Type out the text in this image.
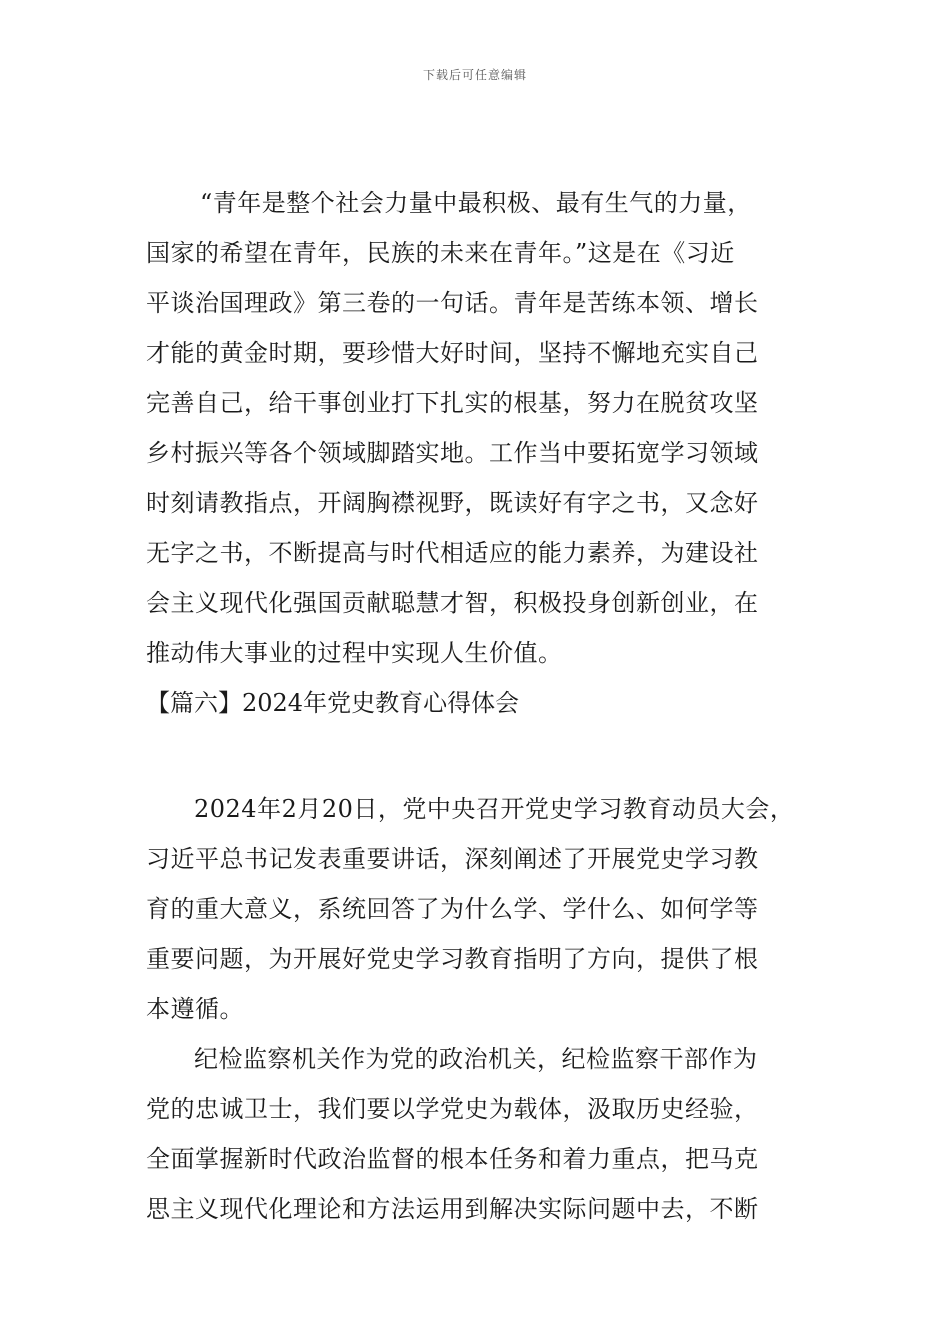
下载后可任意编辑
“青年是整个社会力量中最积极、最有生气的力量，
国家的希望在青年，民族的未来在青年。”这是在《习近
平谈治国理政》第三卷的一句话。青年是苦练本领、增长
才能的黄金时期，要珍惜大好时间，坚持不懈地充实自己
完善自己，给干事创业打下扎实的根基，努力在脱贫攻坚
乡村振兴等各个领域脚踏实地。工作当中要拓宽学习领域
时刻请教指点，开阔胸襟视野，既读好有字之书，又念好
无字之书，不断提高与时代相适应的能力素养，为建设社
会主义现代化强国贡献聪慧才智，积极投身创新创业，在
推动伟大事业的过程中实现人生价值。
【篇六】2024年党史教育心得体会
2024年2月20日，党中央召开党史学习教育动员大会，
习近平总书记发表重要讲话，深刻阐述了开展党史学习教
育的重大意义，系统回答了为什么学、学什么、如何学等
重要问题，为开展好党史学习教育指明了方向，提供了根
本遵循。
纪检监察机关作为党的政治机关，纪检监察干部作为
党的忠诚卫士，我们要以学党史为载体，汲取历史经验，
全面掌握新时代政治监督的根本任务和着力重点，把马克
思主义现代化理论和方法运用到解决实际问题中去，不断
